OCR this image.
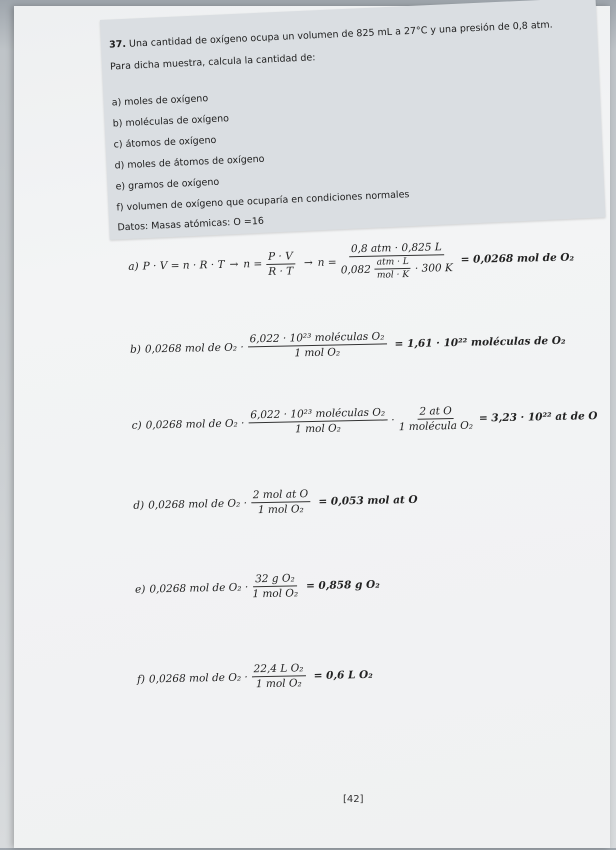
37. Una cantidad de oxígeno ocupa un volumen de 825 mL a 27°C y una presión de 0,8 atm.
Para dicha muestra, calcula la cantidad de:
a) moles de oxígeno
b) moléculas de oxígeno
c) átomos de oxígeno
d) moles de átomos de oxígeno
e) gramos de oxígeno
f) volumen de oxígeno que ocuparía en condiciones normales
Datos: Masas atómicas: O =16
a) $P \cdot V = n \cdot R \cdot T \to n = \frac{P \cdot V}{R \cdot T} \to n$ =
0,8 atm · 0,825 L
$0,082 \frac{\text{atm · L}}{\text{mol · K}} \cdot 300$ K
= 0,0268 mol de O₂
b) 0,0268 mol de $O_2 \cdot \frac{\text{6,022 · 10²³ moléculas O₂}}{\text{1 mol O₂}} = 1,61 \cdot 10^{22}$ moléculas de O₂
c) 0,0268 mol de $O_2 \cdot \frac{\text{6,022 · 10²³ moléculas O₂}}{\text{1 mol O₂}} \cdot \frac{\text{2 at O}}{\text{1 molécula O₂}} = 3,23 \cdot 10^{22}$ at de O
d) 0,0268 mol de $O_2 \cdot \frac{\text{2 mol at O}}{\text{1 mol O₂}} = 0,053$ mol at O
e) 0,0268 mol de $O_2 \cdot \frac{\text{32 g O₂}}{\text{1 mol O₂}} = 0,858$ g O₂
f) 0,0268 mol de $O_2 \cdot \frac{\text{22,4 L O₂}}{\text{1 mol O₂}} = 0,6$ L O₂
[42]
